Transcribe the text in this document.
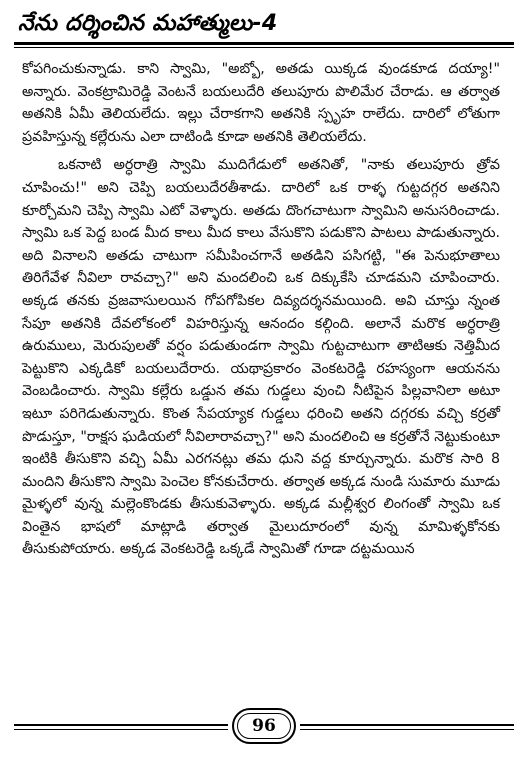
నేను దర్శించిన మహాత్ములు-4

కోపగించుకున్నాడు. కాని స్వామి, "అబ్బో, అతడు యిక్కడ వుండకూడ దయ్యా!" అన్నారు. వెంకట్రామిరెడ్డి వెంటనే బయలుదేరి తలుపూరు పొలిమేర చేరాడు. ఆ తర్వాత అతనికి ఏమీ తెలియలేదు. ఇల్లు చేరాకగాని అతనికి స్పృహ రాలేదు. దారిలో లోతుగా ప్రవహిస్తున్న కల్లేరును ఎలా దాటిండి కూడా అతనికి తెలియలేదు.

ఒకనాటి అర్ధరాత్రి స్వామి ముదిగేడులో అతనితో, "నాకు తలుపూరు త్రోవ చూపించు!" అని చెప్పి బయలుదేరతీశాడు. దారిలో ఒక రాళ్ళ గుట్టదగ్గర అతనిని కూర్చోమని చెప్పి స్వామి ఎటో వెళ్ళారు. అతడు దొంగచాటుగా స్వామిని అనుసరించాడు. స్వామి ఒక పెద్ద బండ మీద కాలు మీద కాలు వేసుకొని పడుకొని పాటలు పాడుతున్నారు. అది వినాలని అతడు చాటుగా సమీపించగానే అతడిని పసిగట్టి, "ఈ పెనుభూతాలు తిరిగేవేళ నీవిలా రావచ్చా?" అని మందలించి ఒక దిక్కుకేసి చూడమని చూపించారు. అక్కడ తనకు వ్రజవాసులయిన గోపగోపికల దివ్యదర్శనమయింది. అవి చూస్తు న్నంత సేపూ అతనికి దేవలోకంలో విహరిస్తున్న ఆనందం కల్గింది. అలానే మరొక అర్ధరాత్రి ఉరుములు, మెరుపులతో వర్షం పడుతుండగా స్వామి గుట్టచాటుగా తాటిఆకు నెత్తిమీద పెట్టుకొని ఎక్కడికో బయలుదేరారు. యథాప్రకారం వెంకటరెడ్డి రహస్యంగా ఆయనను వెంబడించారు. స్వామి కల్లేరు ఒడ్డున తమ గుడ్డలు వుంచి నీటిపైన పిల్లవానిలా అటూ ఇటూ పరిగెడుతున్నారు. కొంత సేపయ్యాక గుడ్డలు ధరించి అతని దగ్గరకు వచ్చి కర్రతో పొడుస్తూ, "రాక్షస ఘడియలో నీవిలారావచ్చా?" అని మందలించి ఆ కర్రతోనే నెట్టుకుంటూ ఇంటికి తీసుకొని వచ్చి ఏమీ ఎరగనట్లు తమ ధుని వద్ద కూర్చున్నారు. మరొక సారి 8 మందిని తీసుకొని స్వామి పెంచెల కోనకుచేరారు. తర్వాత అక్కడ నుండి సుమారు మూడు మైళ్ళలో వున్న మల్లెంకొండకు తీసుకువెళ్ళారు. అక్కడ మల్లీశ్వర లింగంతో స్వామి ఒక వింతైన భాషలో మాట్లాడి తర్వాత మైలుదూరంలో వున్న మామిళ్ళకోనకు తీసుకుపోయారు. అక్కడ వెంకటరెడ్డి ఒక్కడే స్వామితో గూడా దట్టమయిన

96
